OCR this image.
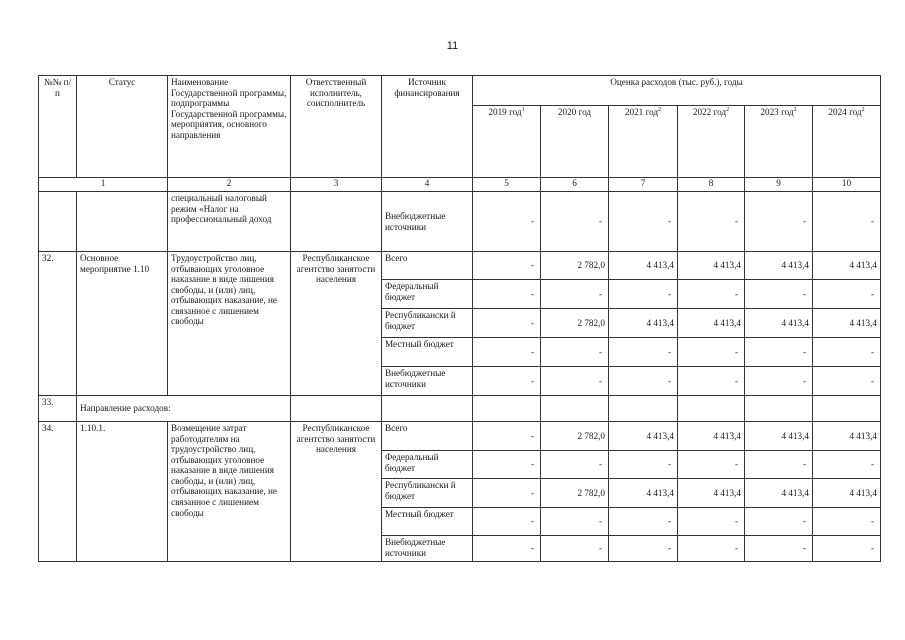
11
№№ п/п	Статус	Наименование Государственной программы, подпрограммы Государственной программы, мероприятия, основного направления	Ответственный исполнитель, соисполнитель	Источник финансирования	Оценка расходов (тыс. руб.), годы					
					2019 год$^1$	2020 год	2021 год$^2$	2022 год$^2$	2023 год$^2$	2024 год$^2$
1		2	3	4	5	6	7	8	9	10
		специальный налоговый режим «Налог на профессиональный доход		Внебюджетные источники	-	-	-	-	-	-
32.	Основное мероприятие 1.10	Трудоустройство лиц, отбывающих уголовное наказание в виде лишения свободы, и (или) лиц, отбывающих наказание, не связанное с лишением свободы	Республиканское агентство занятости населения	Всего	-	2 782,0	4 413,4	4 413,4	4 413,4	4 413,4
				Федеральный бюджет	-	-	-	-	-	-
				Республикански й бюджет	-	2 782,0	4 413,4	4 413,4	4 413,4	4 413,4
				Местный бюджет	-	-	-	-	-	-
				Внебюджетные источники	-	-	-	-	-	-
33.	Направление расходов:									
34.	1.10.1.	Возмещение затрат работодателям на трудоустройство лиц, отбывающих уголовное наказание в виде лишения свободы, и (или) лиц, отбывающих наказание, не связанное с лишением свободы	Республиканское агентство занятости населения	Всего	-	2 782,0	4 413,4	4 413,4	4 413,4	4 413,4
				Федеральный бюджет	-	-	-	-	-	-
				Республикански й бюджет	-	2 782,0	4 413,4	4 413,4	4 413,4	4 413,4
				Местный бюджет	-	-	-	-	-	-
				Внебюджетные источники	-	-	-	-	-	-
